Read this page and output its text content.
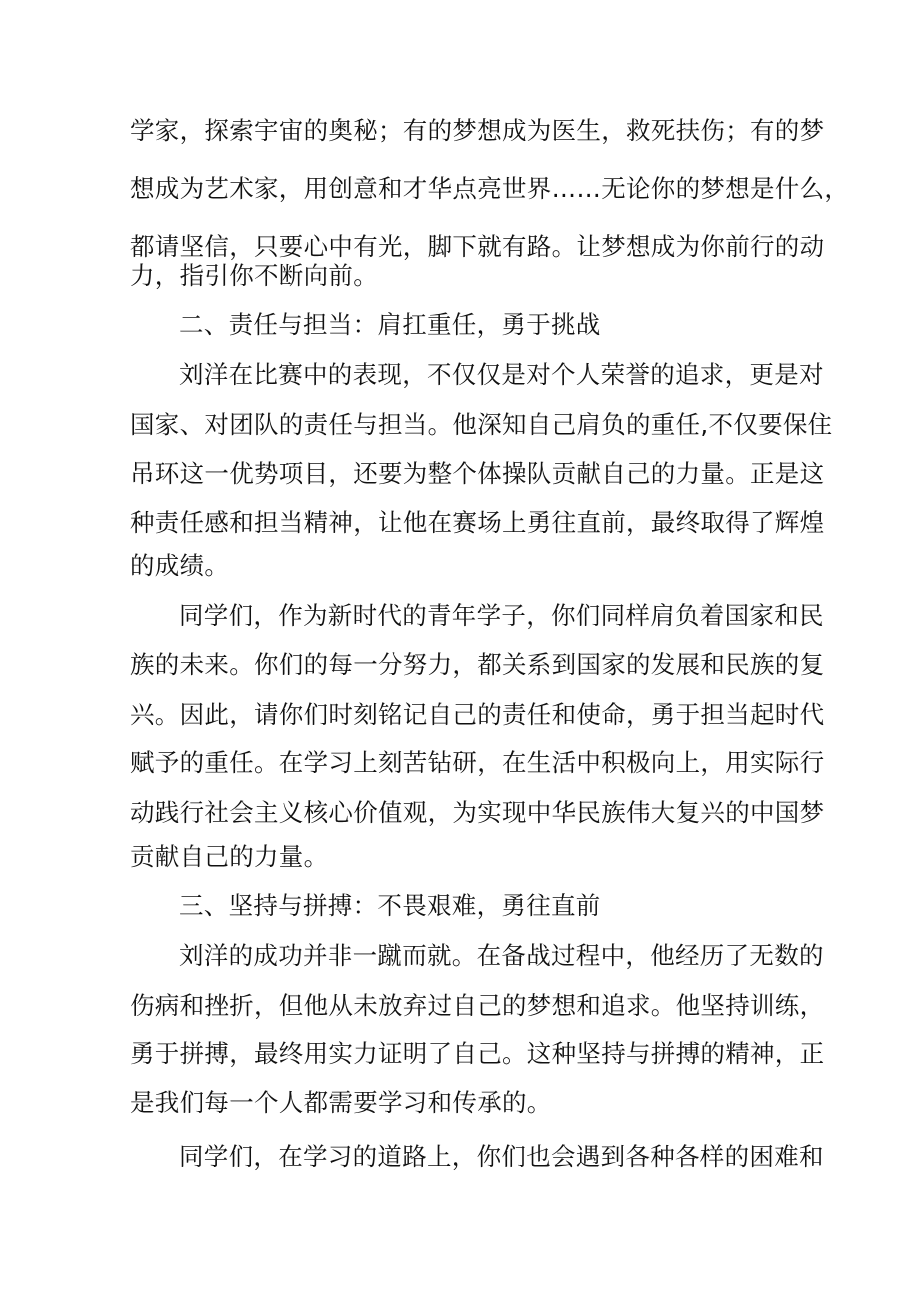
学家，探索宇宙的奥秘；有的梦想成为医生，救死扶伤；有的梦
想成为艺术家，用创意和才华点亮世界……无论你的梦想是什么，
都请坚信，只要心中有光，脚下就有路。让梦想成为你前行的动
力，指引你不断向前。
二、责任与担当：肩扛重任，勇于挑战
刘洋在比赛中的表现，不仅仅是对个人荣誉的追求，更是对
国家、对团队的责任与担当。他深知自己肩负的重任,不仅要保住
吊环这一优势项目，还要为整个体操队贡献自己的力量。正是这
种责任感和担当精神，让他在赛场上勇往直前，最终取得了辉煌
的成绩。
同学们，作为新时代的青年学子，你们同样肩负着国家和民
族的未来。你们的每一分努力，都关系到国家的发展和民族的复
兴。因此，请你们时刻铭记自己的责任和使命，勇于担当起时代
赋予的重任。在学习上刻苦钻研，在生活中积极向上，用实际行
动践行社会主义核心价值观，为实现中华民族伟大复兴的中国梦
贡献自己的力量。
三、坚持与拼搏：不畏艰难，勇往直前
刘洋的成功并非一蹴而就。在备战过程中，他经历了无数的
伤病和挫折，但他从未放弃过自己的梦想和追求。他坚持训练，
勇于拼搏，最终用实力证明了自己。这种坚持与拼搏的精神，正
是我们每一个人都需要学习和传承的。
同学们，在学习的道路上，你们也会遇到各种各样的困难和
